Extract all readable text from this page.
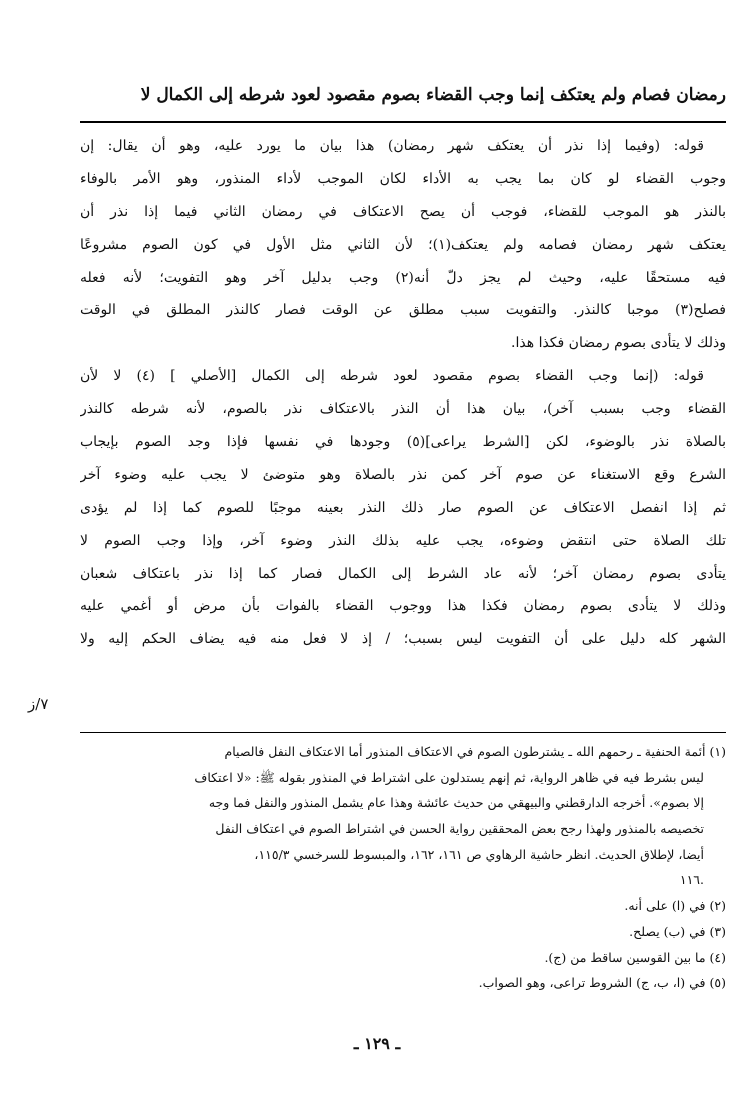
رمضان فصام ولم يعتكف إنما وجب القضاء بصوم مقصود لعود شرطه إلى الكمال لا
قوله: (وفيما إذا نذر أن يعتكف شهر رمضان) هذا بيان ما يورد عليه، وهو أن يقال: إن
وجوب القضاء لو كان بما يجب به الأداء لكان الموجب لأداء المنذور، وهو الأمر بالوفاء
بالنذر هو الموجب للقضاء، فوجب أن يصح الاعتكاف في رمضان الثاني فيما إذا نذر أن
يعتكف شهر رمضان فصامه ولم يعتكف(١)؛ لأن الثاني مثل الأول في كون الصوم مشروعًا
فيه مستحقًا عليه، وحيث لم يجز دلّ أنه(٢) وجب بدليل آخر وهو التفويت؛ لأنه فعله
فصلح(٣) موجبا كالنذر. والتفويت سبب مطلق عن الوقت فصار كالنذر المطلق في الوقت
وذلك لا يتأدى بصوم رمضان فكذا هذا.
قوله: (إنما وجب القضاء بصوم مقصود لعود شرطه إلى الكمال [الأصلي ] (٤) لا لأن
القضاء وجب بسبب آخر)، بيان هذا أن النذر بالاعتكاف نذر بالصوم، لأنه شرطه كالنذر
بالصلاة نذر بالوضوء، لكن [الشرط يراعى](٥) وجودها في نفسها فإذا وجد الصوم بإيجاب
الشرع وقع الاستغناء عن صوم آخر كمن نذر بالصلاة وهو متوضئ لا يجب عليه وضوء آخر
ثم إذا انفصل الاعتكاف عن الصوم صار ذلك النذر بعينه موجبًا للصوم كما إذا لم يؤدى
تلك الصلاة حتى انتقض وضوءه، يجب عليه بذلك النذر وضوء آخر، وإذا وجب الصوم لا
يتأدى بصوم رمضان آخر؛ لأنه عاد الشرط إلى الكمال فصار كما إذا نذر باعتكاف شعبان
وذلك لا يتأدى بصوم رمضان فكذا هذا ووجوب القضاء بالفوات بأن مرض أو أغمي عليه
الشهر كله دليل على أن التفويت ليس بسبب؛ / إذ لا فعل منه فيه يضاف الحكم إليه ولا
٧/ز
(١) أئمة الحنفية ـ رحمهم الله ـ يشترطون الصوم في الاعتكاف المنذور أما الاعتكاف النفل فالصيام
ليس بشرط فيه في ظاهر الرواية، ثم إنهم يستدلون على اشتراط في المنذور بقوله ﷺ: «لا اعتكاف
إلا بصوم». أخرجه الدارقطني والبيهقي من حديث عائشة وهذا عام يشمل المنذور والنفل فما وجه
تخصيصه بالمنذور ولهذا رجح بعض المحققين رواية الحسن في اشتراط الصوم في اعتكاف النفل
أيضا، لإطلاق الحديث. انظر حاشية الرهاوي ص ١٦١، ١٦٢، والمبسوط للسرخسي ١١٥/٣،
.١١٦
(٢) في (ا) على أنه.
(٣) في (ب) يصلح.
(٤) ما بين القوسين ساقط من (ج).
(٥) في (ا، ب، ج) الشروط تراعى، وهو الصواب.
ـ ١٢٩ ـ
